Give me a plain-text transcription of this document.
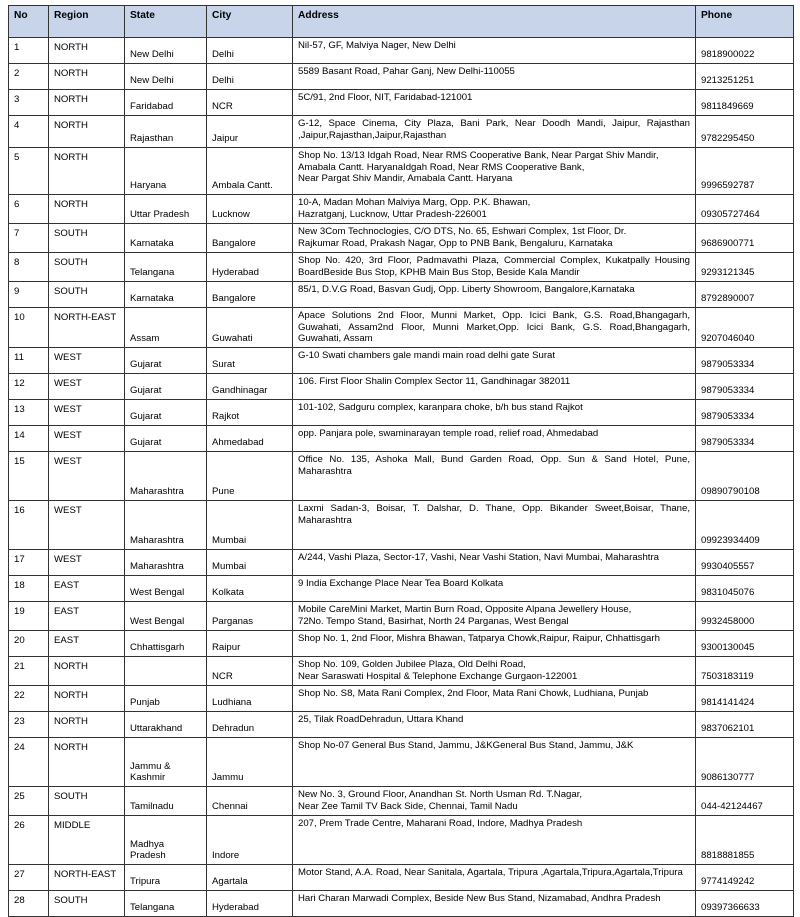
No	Region	State	City	Address	Phone
1	NORTH	New Delhi	Delhi	Nil-57, GF, Malviya Nager, New Delhi	9818900022
2	NORTH	New Delhi	Delhi	5589 Basant Road, Pahar Ganj, New Delhi-110055	9213251251
3	NORTH	Faridabad	NCR	5C/91, 2nd Floor, NIT, Faridabad-121001	9811849669
4	NORTH	Rajasthan	Jaipur	G-12, Space Cinema, City Plaza, Bani Park, Near Doodh Mandi, Jaipur, Rajasthan ,Jaipur,Rajasthan,Jaipur,Rajasthan	9782295450
5	NORTH	Haryana	Ambala Cantt.	Shop No. 13/13 Idgah Road, Near RMS Cooperative Bank, Near Pargat Shiv Mandir,
Amabala Cantt. HaryanaIdgah Road, Near RMS Cooperative Bank,
Near Pargat Shiv Mandir, Amabala Cantt. Haryana	9996592787
6	NORTH	Uttar Pradesh	Lucknow	10-A, Madan Mohan Malviya Marg, Opp. P.K. Bhawan,
Hazratganj, Lucknow, Uttar Pradesh-226001	09305727464
7	SOUTH	Karnataka	Bangalore	New 3Com Technoclogies, C/O DTS, No. 65, Eshwari Complex, 1st Floor, Dr.
Rajkumar Road, Prakash Nagar, Opp to PNB Bank, Bengaluru, Karnataka	9686900771
8	SOUTH	Telangana	Hyderabad	Shop No. 420, 3rd Floor, Padmavathi Plaza, Commercial Complex, Kukatpally Housing BoardBeside Bus Stop, KPHB Main Bus Stop, Beside Kala Mandir	9293121345
9	SOUTH	Karnataka	Bangalore	85/1, D.V.G Road, Basvan Gudj, Opp. Liberty Showroom, Bangalore,Karnataka	8792890007
10	NORTH-EAST	Assam	Guwahati	Apace Solutions 2nd Floor, Munni Market, Opp. Icici Bank, G.S. Road,Bhangagarh, Guwahati, Assam2nd Floor, Munni Market,Opp. Icici Bank, G.S. Road,Bhangagarh, Guwahati, Assam	9207046040
11	WEST	Gujarat	Surat	G-10 Swati chambers gale mandi main road delhi gate Surat	9879053334
12	WEST	Gujarat	Gandhinagar	106. First Floor Shalin Complex Sector 11, Gandhinagar 382011	9879053334
13	WEST	Gujarat	Rajkot	101-102, Sadguru complex, karanpara choke, b/h bus stand Rajkot	9879053334
14	WEST	Gujarat	Ahmedabad	opp. Panjara pole, swaminarayan temple road, relief road, Ahmedabad	9879053334
15	WEST	Maharashtra	Pune	Office No. 135, Ashoka Mall, Bund Garden Road, Opp. Sun & Sand Hotel, Pune, Maharashtra	09890790108
16	WEST	Maharashtra	Mumbai	Laxmi Sadan-3, Boisar, T. Dalshar, D. Thane, Opp. Bikander Sweet,Boisar, Thane, Maharashtra	09923934409
17	WEST	Maharashtra	Mumbai	A/244, Vashi Plaza, Sector-17, Vashi, Near Vashi Station, Navi Mumbai, Maharashtra	9930405557
18	EAST	West Bengal	Kolkata	9 India Exchange Place Near Tea Board Kolkata	9831045076
19	EAST	West Bengal	Parganas	Mobile CareMini Market, Martin Burn Road, Opposite Alpana Jewellery House,
72No. Tempo Stand, Basirhat, North 24 Parganas, West Bengal	9932458000
20	EAST	Chhattisgarh	Raipur	Shop No. 1, 2nd Floor, Mishra Bhawan, Tatparya Chowk,Raipur, Raipur, Chhattisgarh	9300130045
21	NORTH		NCR	Shop No. 109, Golden Jubilee Plaza, Old Delhi Road,
Near Saraswati Hospital & Telephone Exchange Gurgaon-122001	7503183119
22	NORTH	Punjab	Ludhiana	Shop No. S8, Mata Rani Complex, 2nd Floor, Mata Rani Chowk, Ludhiana, Punjab	9814141424
23	NORTH	Uttarakhand	Dehradun	25, Tilak RoadDehradun, Uttara Khand	9837062101
24	NORTH	Jammu & Kashmir	Jammu	Shop No-07 General Bus Stand, Jammu, J&KGeneral Bus Stand, Jammu, J&K	9086130777
25	SOUTH	Tamilnadu	Chennai	New No. 3, Ground Floor, Anandhan St. North Usman Rd. T.Nagar,
Near Zee Tamil TV Back Side, Chennai, Tamil Nadu	044-42124467
26	MIDDLE	Madhya Pradesh	Indore	207, Prem Trade Centre, Maharani Road, Indore, Madhya Pradesh	8818881855
27	NORTH-EAST	Tripura	Agartala	Motor Stand, A.A. Road, Near Sanitala, Agartala, Tripura ,Agartala,Tripura,Agartala,Tripura	9774149242
28	SOUTH	Telangana	Hyderabad	Hari Charan Marwadi Complex, Beside New Bus Stand, Nizamabad, Andhra Pradesh	09397366633
